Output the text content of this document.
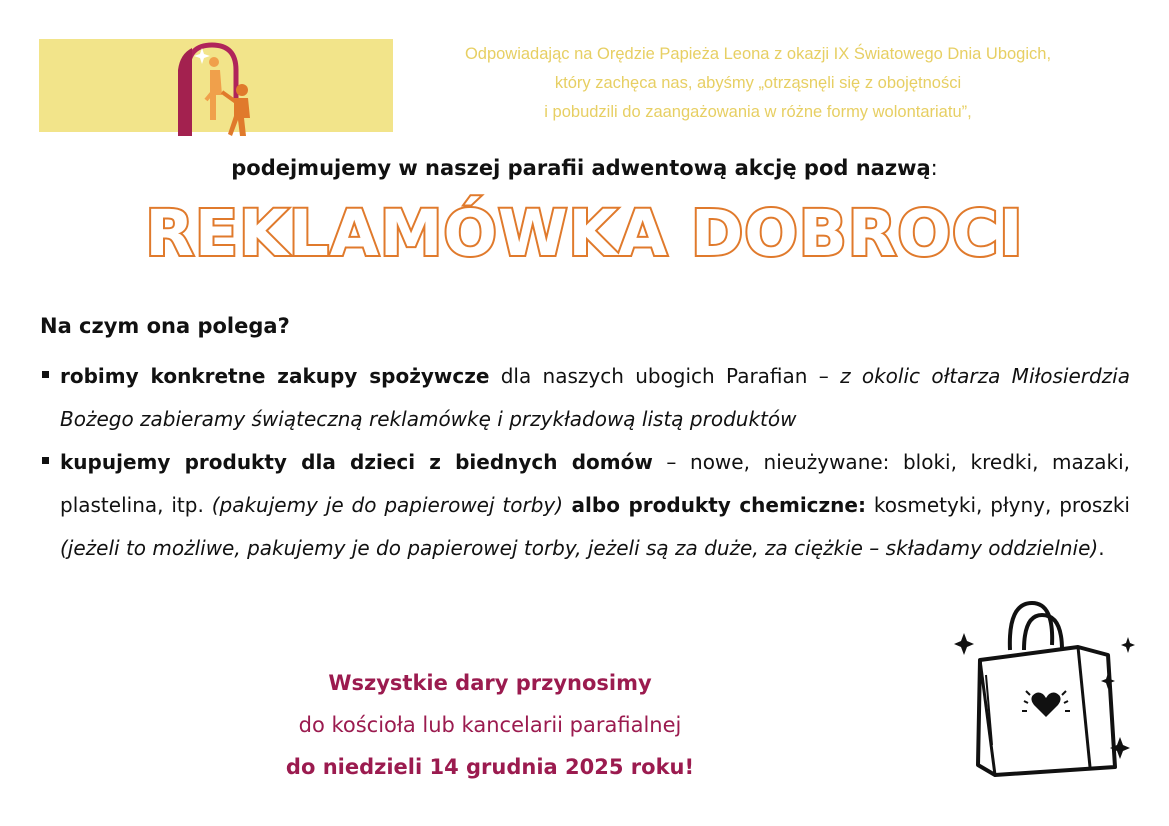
Odpowiadając na Orędzie Papieża Leona z okazji IX Światowego Dnia Ubogich,
który zachęca nas, abyśmy „otrząsnęli się z obojętności
i pobudzili do zaangażowania w różne formy wolontariatu”,
podejmujemy w naszej parafii adwentową akcję pod nazwą:
REKLAMÓWKA DOBROCI
Na czym ona polega?
robimy konkretne zakupy spożywcze dla naszych ubogich Parafian – z okolic ołtarza Miłosierdzia Bożego zabieramy świąteczną reklamówkę i przykładową listą produktów
kupujemy produkty dla dzieci z biednych domów – nowe, nieużywane: bloki, kredki, mazaki, plastelina, itp. (pakujemy je do papierowej torby) albo produkty chemiczne: kosmetyki, płyny, proszki (jeżeli to możliwe, pakujemy je do papierowej torby, jeżeli są za duże, za ciężkie – składamy oddzielnie).
Wszystkie dary przynosimy
do kościoła lub kancelarii parafialnej
do niedzieli 14 grudnia 2025 roku!
